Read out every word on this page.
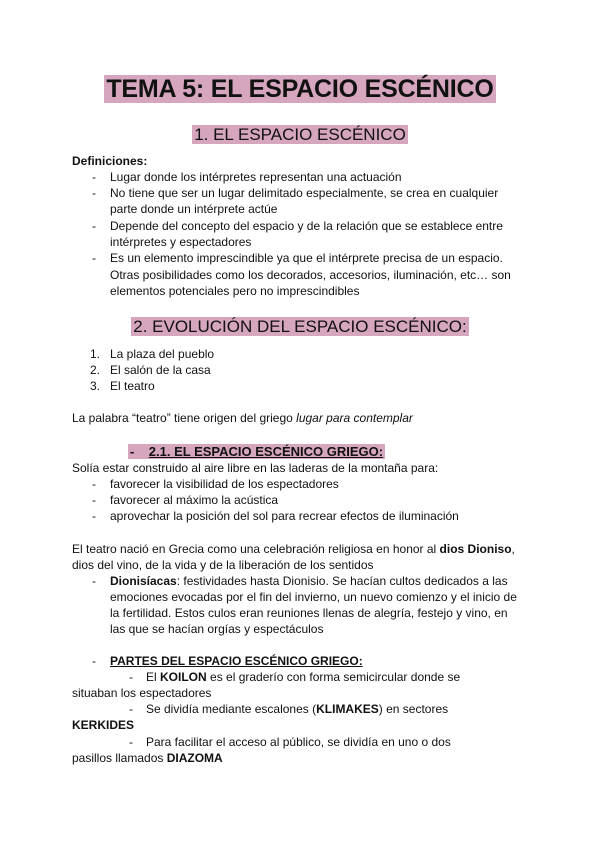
TEMA 5: EL ESPACIO ESCÉNICO
1. EL ESPACIO ESCÉNICO
Definiciones:
- Lugar donde los intérpretes representan una actuación
- No tiene que ser un lugar delimitado especialmente, se crea en cualquier
parte donde un intérprete actúe
- Depende del concepto del espacio y de la relación que se establece entre
intérpretes y espectadores
- Es un elemento imprescindible ya que el intérprete precisa de un espacio.
Otras posibilidades como los decorados, accesorios, iluminación, etc… son
elementos potenciales pero no imprescindibles
2. EVOLUCIÓN DEL ESPACIO ESCÉNICO:
1. La plaza del pueblo
2. El salón de la casa
3. El teatro
La palabra “teatro” tiene origen del griego lugar para contemplar
- 2.1. EL ESPACIO ESCÉNICO GRIEGO:
Solía estar construido al aire libre en las laderas de la montaña para:
- favorecer la visibilidad de los espectadores
- favorecer al máximo la acústica
- aprovechar la posición del sol para recrear efectos de iluminación
El teatro nació en Grecia como una celebración religiosa en honor al dios Dioniso,
dios del vino, de la vida y de la liberación de los sentidos
- Dionisíacas: festividades hasta Dionisio. Se hacían cultos dedicados a las
emociones evocadas por el fin del invierno, un nuevo comienzo y el inicio de
la fertilidad. Estos culos eran reuniones llenas de alegría, festejo y vino, en
las que se hacían orgías y espectáculos
- PARTES DEL ESPACIO ESCÉNICO GRIEGO:
- El KOILON es el graderío con forma semicircular donde se
situaban los espectadores
- Se dividía mediante escalones (KLIMAKES) en sectores
KERKIDES
- Para facilitar el acceso al público, se dividía en uno o dos
pasillos llamados DIAZOMA
